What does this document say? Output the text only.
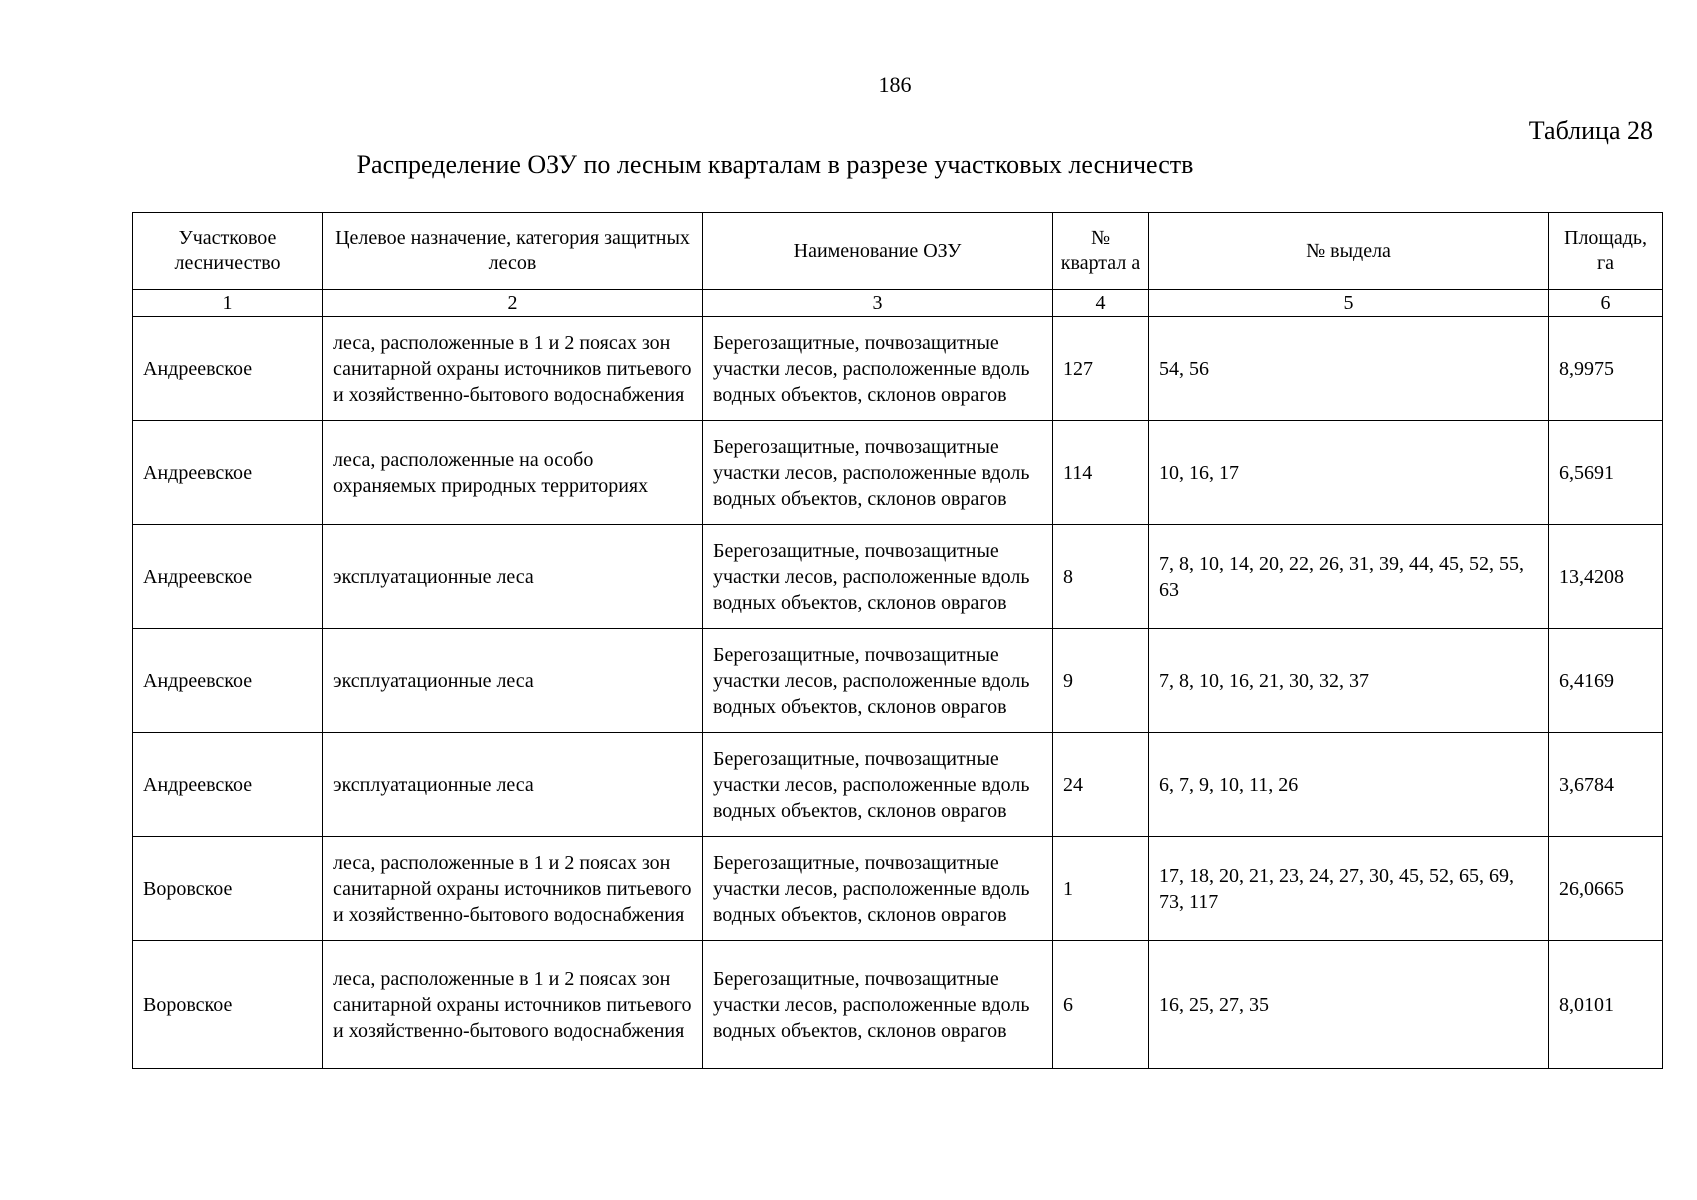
186
Таблица 28
Распределение ОЗУ по лесным кварталам в разрезе участковых лесничеств
Участковое лесничество	Целевое назначение, категория защитных лесов	Наименование ОЗУ	№ квартал а	№ выдела	Площадь, га
1	2	3	4	5	6
Андреевское	леса, расположенные в 1 и 2 поясах зон санитарной охраны источников питьевого и хозяйственно-бытового водоснабжения	Берегозащитные, почвозащитные участки лесов, расположенные вдоль водных объектов, склонов оврагов	127	54, 56	8,9975
Андреевское	леса, расположенные на особо охраняемых природных территориях	Берегозащитные, почвозащитные участки лесов, расположенные вдоль водных объектов, склонов оврагов	114	10, 16, 17	6,5691
Андреевское	эксплуатационные леса	Берегозащитные, почвозащитные участки лесов, расположенные вдоль водных объектов, склонов оврагов	8	7, 8, 10, 14, 20, 22, 26, 31, 39, 44, 45, 52, 55, 63	13,4208
Андреевское	эксплуатационные леса	Берегозащитные, почвозащитные участки лесов, расположенные вдоль водных объектов, склонов оврагов	9	7, 8, 10, 16, 21, 30, 32, 37	6,4169
Андреевское	эксплуатационные леса	Берегозащитные, почвозащитные участки лесов, расположенные вдоль водных объектов, склонов оврагов	24	6, 7, 9, 10, 11, 26	3,6784
Воровское	леса, расположенные в 1 и 2 поясах зон санитарной охраны источников питьевого и хозяйственно-бытового водоснабжения	Берегозащитные, почвозащитные участки лесов, расположенные вдоль водных объектов, склонов оврагов	1	17, 18, 20, 21, 23, 24, 27, 30, 45, 52, 65, 69, 73, 117	26,0665
Воровское	леса, расположенные в 1 и 2 поясах зон санитарной охраны источников питьевого и хозяйственно-бытового водоснабжения	Берегозащитные, почвозащитные участки лесов, расположенные вдоль водных объектов, склонов оврагов	6	16, 25, 27, 35	8,0101
